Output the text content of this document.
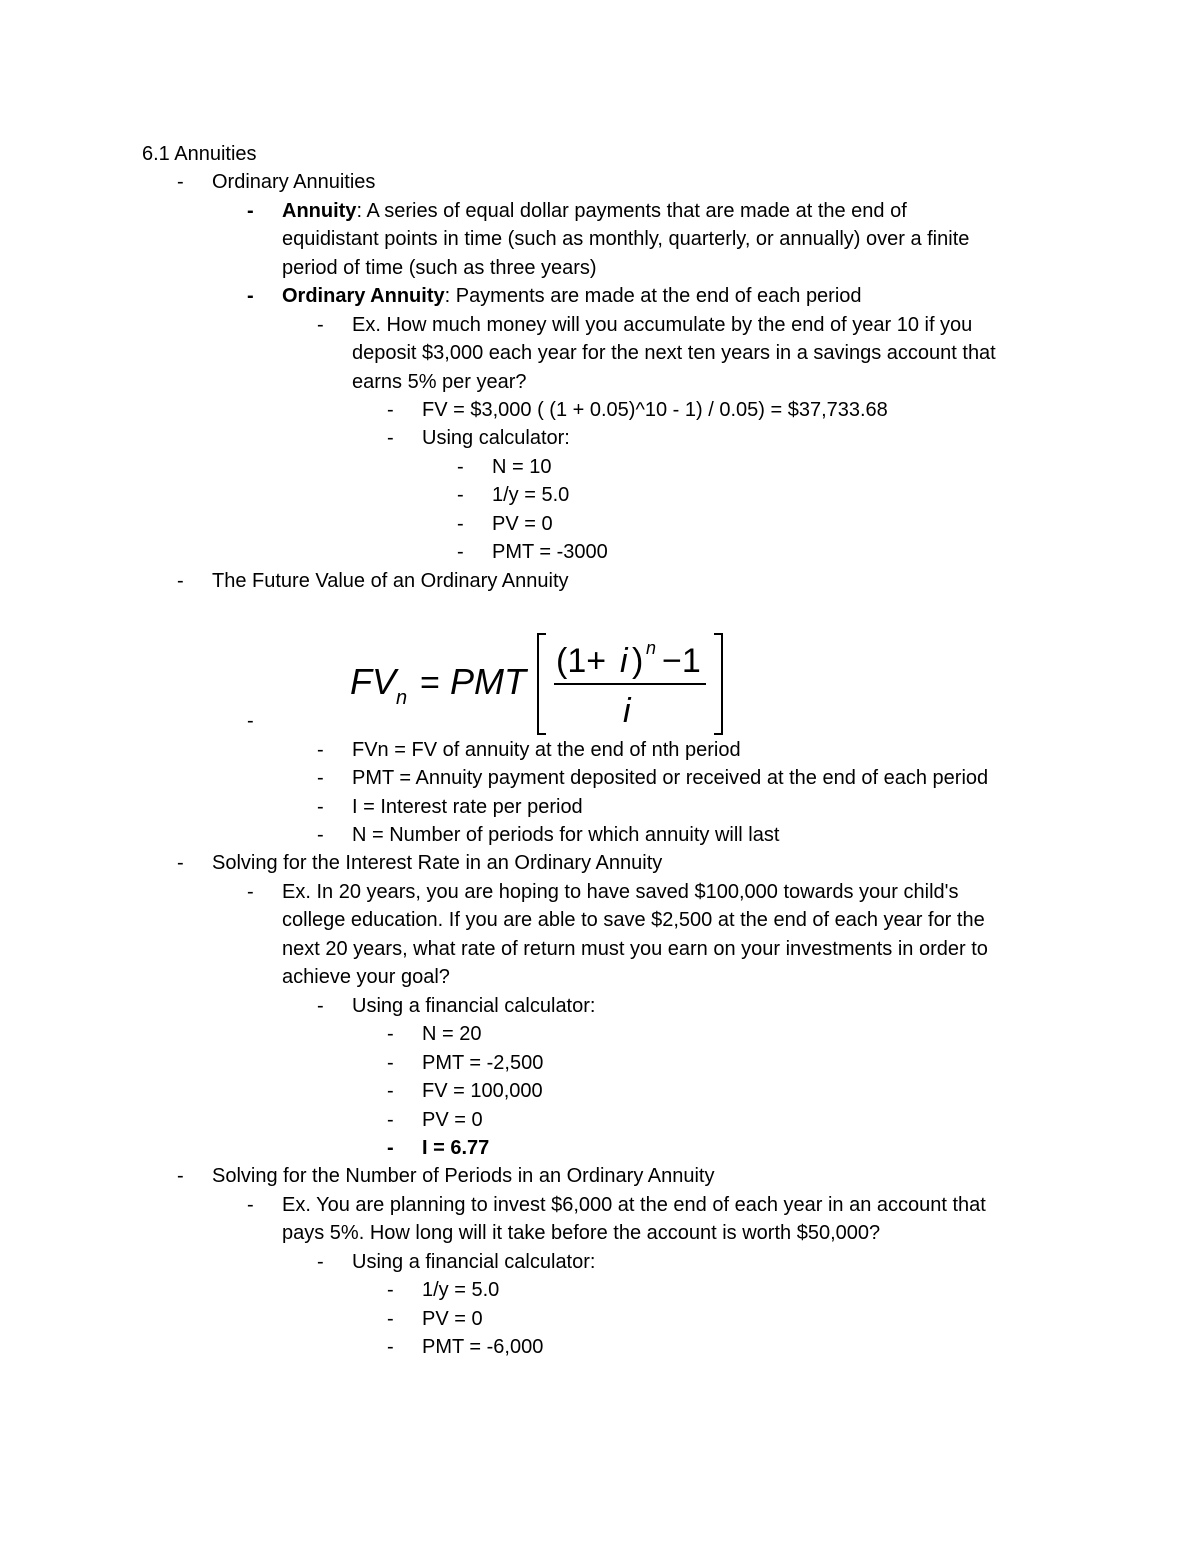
6.1 Annuities
- Ordinary Annuities
- Annuity: A series of equal dollar payments that are made at the end of
equidistant points in time (such as monthly, quarterly, or annually) over a finite
period of time (such as three years)
- Ordinary Annuity: Payments are made at the end of each period
- Ex. How much money will you accumulate by the end of year 10 if you
deposit $3,000 each year for the next ten years in a savings account that
earns 5% per year?
- FV = $3,000 ( (1 + 0.05)^10 - 1) / 0.05) = $37,733.68
- Using calculator:
- N = 10
- 1/y = 5.0
- PV = 0
- PMT = -3000
- The Future Value of an Ordinary Annuity
-
- FVn = FV of annuity at the end of nth period
- PMT = Annuity payment deposited or received at the end of each period
- I = Interest rate per period
- N = Number of periods for which annuity will last
- Solving for the Interest Rate in an Ordinary Annuity
- Ex. In 20 years, you are hoping to have saved $100,000 towards your child's
college education. If you are able to save $2,500 at the end of each year for the
next 20 years, what rate of return must you earn on your investments in order to
achieve your goal?
- Using a financial calculator:
- N = 20
- PMT = -2,500
- FV = 100,000
- PV = 0
- I = 6.77
- Solving for the Number of Periods in an Ordinary Annuity
- Ex. You are planning to invest $6,000 at the end of each year in an account that
pays 5%. How long will it take before the account is worth $50,000?
- Using a financial calculator:
- 1/y = 5.0
- PV = 0
- PMT = -6,000
FV n = PMT (1+ i ) n −1
i
